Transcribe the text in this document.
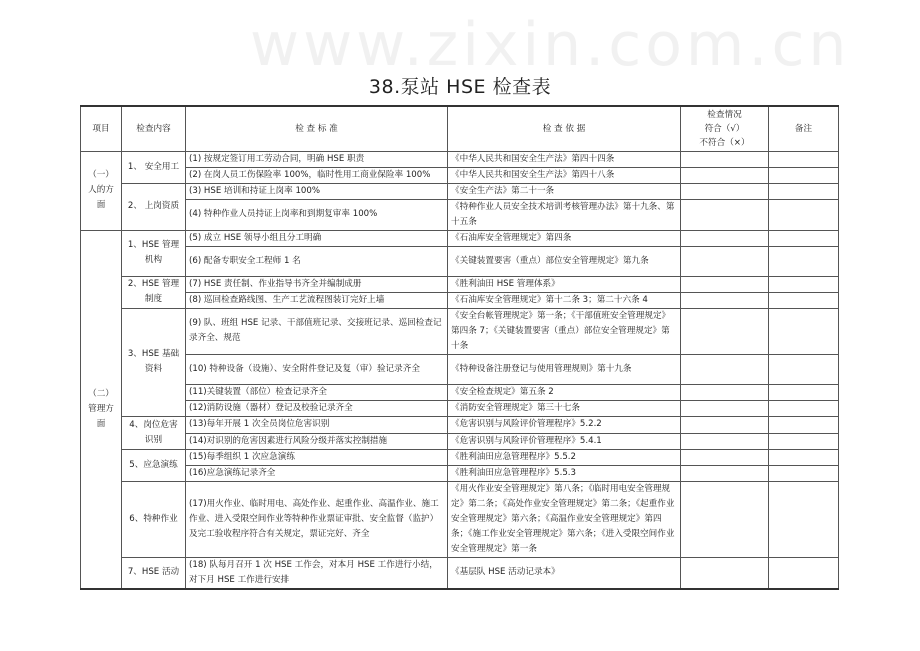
www.zixin.com.cn
38.泵站 HSE 检查表
项目	检查内容	检 查 标 准	检 查 依 据	检查情况
符合（√）
不符合（×）	备注
（一）人的方面	1、 安全用工	(1) 按规定签订用工劳动合同，明确 HSE 职责	《中华人民共和国安全生产法》第四十四条		
		(2) 在岗人员工伤保险率 100%，临时性用工商业保险率 100%	《中华人民共和国安全生产法》第四十八条		
	2、 上岗资质	(3) HSE 培训和持证上岗率 100%	《安全生产法》第二十一条		
		(4) 特种作业人员持证上岗率和到期复审率 100%	《特种作业人员安全技术培训考核管理办法》第十九条、第十五条		
（二）管理方面	1、HSE 管理机构	(5) 成立 HSE 领导小组且分工明确	《石油库安全管理规定》第四条		
		(6) 配备专职安全工程师 1 名	《关键装置要害（重点）部位安全管理规定》第九条		
	2、HSE 管理制度	(7) HSE 责任制、作业指导书齐全并编制成册	《胜利油田 HSE 管理体系》		
		(8) 巡回检查路线图、生产工艺流程图装订完好上墙	《石油库安全管理规定》第十二条 3；第二十六条 4		
	3、HSE 基础资料	(9) 队、班组 HSE 记录、干部值班记录、交接班记录、巡回检查记录齐全、规范	《安全台帐管理规定》第一条；《干部值班安全管理规定》第四条 7；《关键装置要害（重点）部位安全管理规定》第十条		
		(10) 特种设备（设施）、安全附件登记及复（审）验记录齐全	《特种设备注册登记与使用管理规则》第十九条		
		(11)关键装置（部位）检查记录齐全	《安全检查规定》第五条 2		
		(12)消防设施（器材）登记及校验记录齐全	《消防安全管理规定》第三十七条		
	4、岗位危害识别	(13)每年开展 1 次全员岗位危害识别	《危害识别与风险评价管理程序》5.2.2		
		(14)对识别的危害因素进行风险分级并落实控制措施	《危害识别与风险评价管理程序》5.4.1		
	5、应急演练	(15)每季组织 1 次应急演练	《胜利油田应急管理程序》5.5.2		
		(16)应急演练记录齐全	《胜利油田应急管理程序》5.5.3		
	6、特种作业	(17)用火作业、临时用电、高处作业、起重作业、高温作业、施工作业、进入受限空间作业等特种作业票证审批、安全监督（监护）及完工验收程序符合有关规定，票证完好、齐全	《用火作业安全管理规定》第八条；《临时用电安全管理规定》第二条；《高处作业安全管理规定》第二条；《起重作业安全管理规定》第六条；《高温作业安全管理规定》第四条；《施工作业安全管理规定》第六条；《进入受限空间作业安全管理规定》第一条		
	7、HSE 活动	(18) 队每月召开 1 次 HSE 工作会，对本月 HSE 工作进行小结，对下月 HSE 工作进行安排	《基层队 HSE 活动记录本》		
